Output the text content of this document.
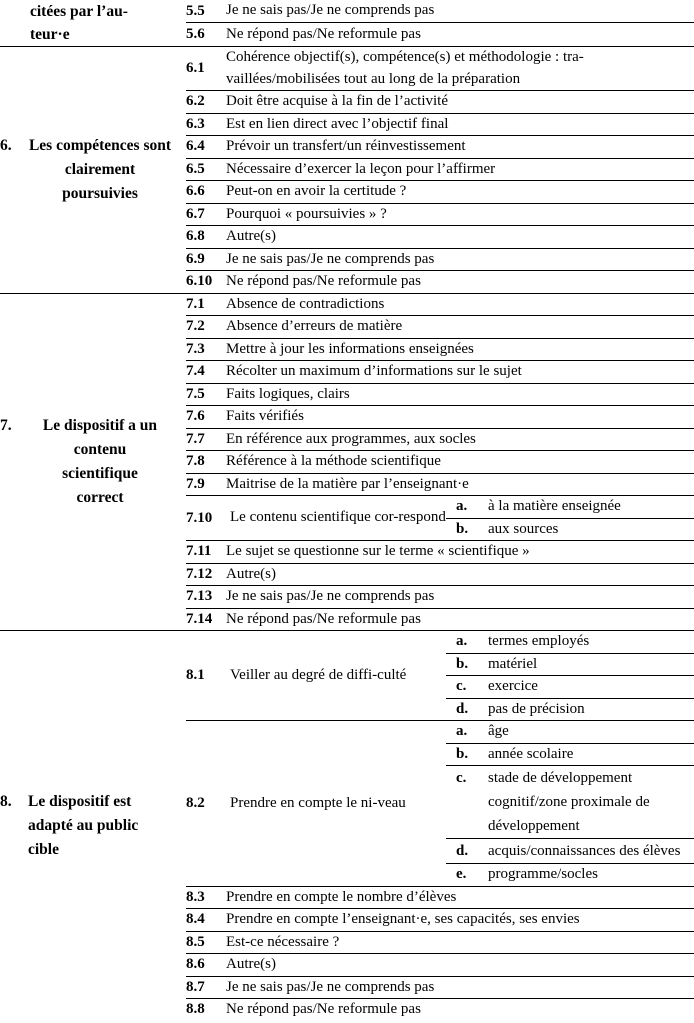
citées par l’au-
teur·e
	5.5	Je ne sais pas/Je ne comprends pas
5.6	Ne répond pas/Ne reformule pas

6.	Les compétences sont clairement poursuivies
	6.1	Cohérence objectif(s), compétence(s) et méthodologie : tra-vaillées/mobilisées tout au long de la préparation
6.2	Doit être acquise à la fin de l’activité
6.3	Est en lien direct avec l’objectif final
6.4	Prévoir un transfert/un réinvestissement
6.5	Nécessaire d’exercer la leçon pour l’affirmer
6.6	Peut-on en avoir la certitude ?
6.7	Pourquoi « poursuivies » ?
6.8	Autre(s)
6.9	Je ne sais pas/Je ne comprends pas
6.10	Ne répond pas/Ne reformule pas

7.	Le dispositif a un contenu scientifique correct
	7.1	Absence de contradictions
7.2	Absence d’erreurs de matière
7.3	Mettre à jour les informations enseignées
7.4	Récolter un maximum d’informations sur le sujet
7.5	Faits logiques, clairs
7.6	Faits vérifiés
7.7	En référence aux programmes, aux socles
7.8	Référence à la méthode scientifique
7.9	Maitrise de la matière par l’enseignant·e
7.10	Le contenu scientifique cor-respond	
a.	à la matière enseignée
b.	aux sources

7.11	Le sujet se questionne sur le terme « scientifique »
7.12	Autre(s)
7.13	Je ne sais pas/Je ne comprends pas
7.14	Ne répond pas/Ne reformule pas

8.	Le dispositif est adapté au public cible
	8.1	Veiller au degré de diffi-culté	
a.	termes employés
b.	matériel
c.	exercice
d.	pas de précision

8.2	Prendre en compte le ni-veau	
a.	âge
b.	année scolaire
c.	stade de développement cognitif/zone proximale de développement
d.	acquis/connaissances des élèves
e.	programme/socles

8.3	Prendre en compte le nombre d’élèves
8.4	Prendre en compte l’enseignant·e, ses capacités, ses envies
8.5	Est-ce nécessaire ?
8.6	Autre(s)
8.7	Je ne sais pas/Je ne comprends pas
8.8	Ne répond pas/Ne reformule pas
